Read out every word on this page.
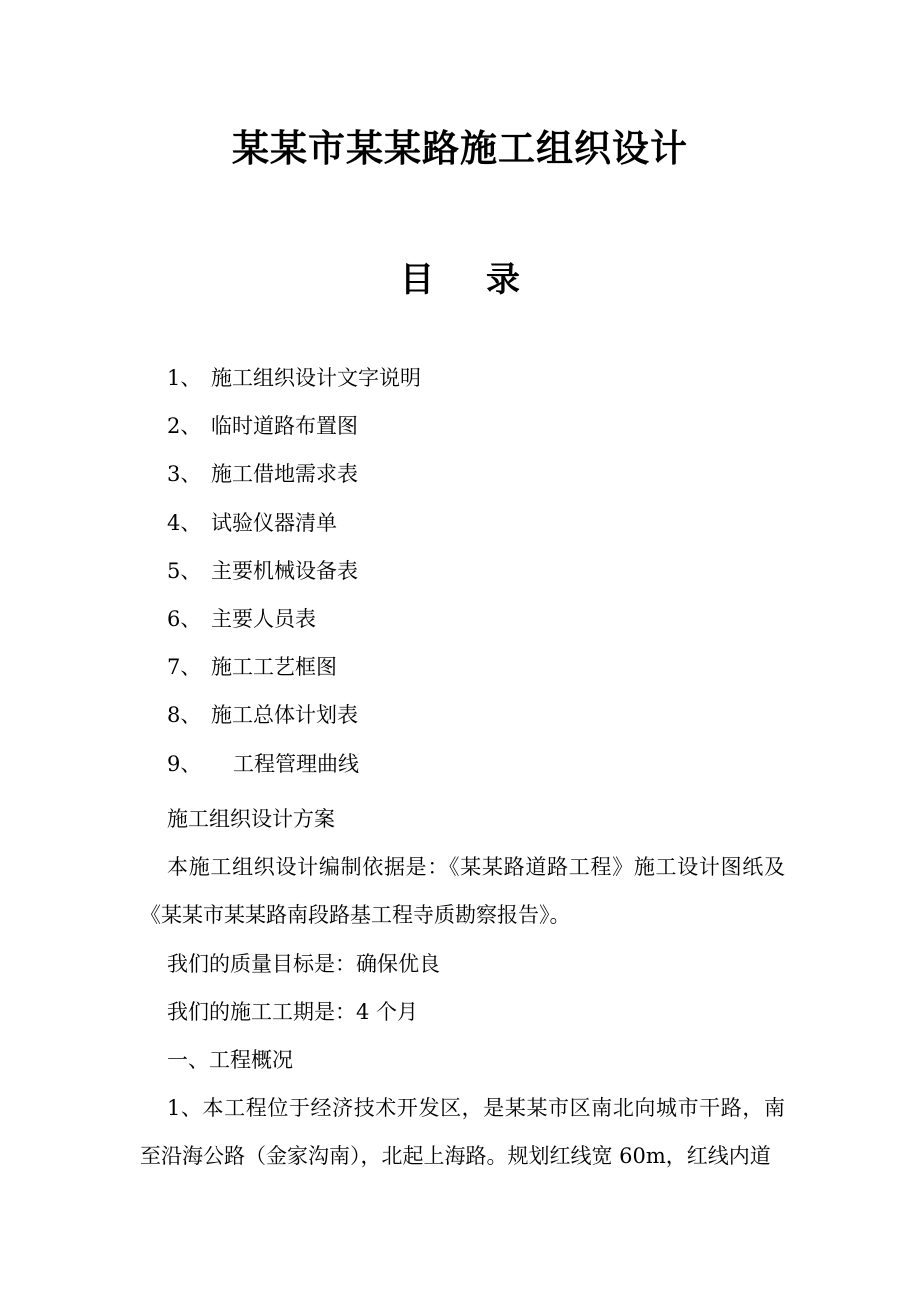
某某市某某路施工组织设计
目 录
1、 施工组织设计文字说明
2、 临时道路布置图
3、 施工借地需求表
4、 试验仪器清单
5、 主要机械设备表
6、 主要人员表
7、 施工工艺框图
8、 施工总体计划表
9、 工程管理曲线

施工组织设计方案

本施工组织设计编制依据是：《某某路道路工程》施工设计图纸及《某某市某某路南段路基工程寺质勘察报告》。

我们的质量目标是：确保优良

我们的施工工期是：4 个月

一、工程概况

1、本工程位于经济技术开发区，是某某市区南北向城市干路，南至沿海公路（金家沟南），北起上海路。规划红线宽 60m，红线内道
